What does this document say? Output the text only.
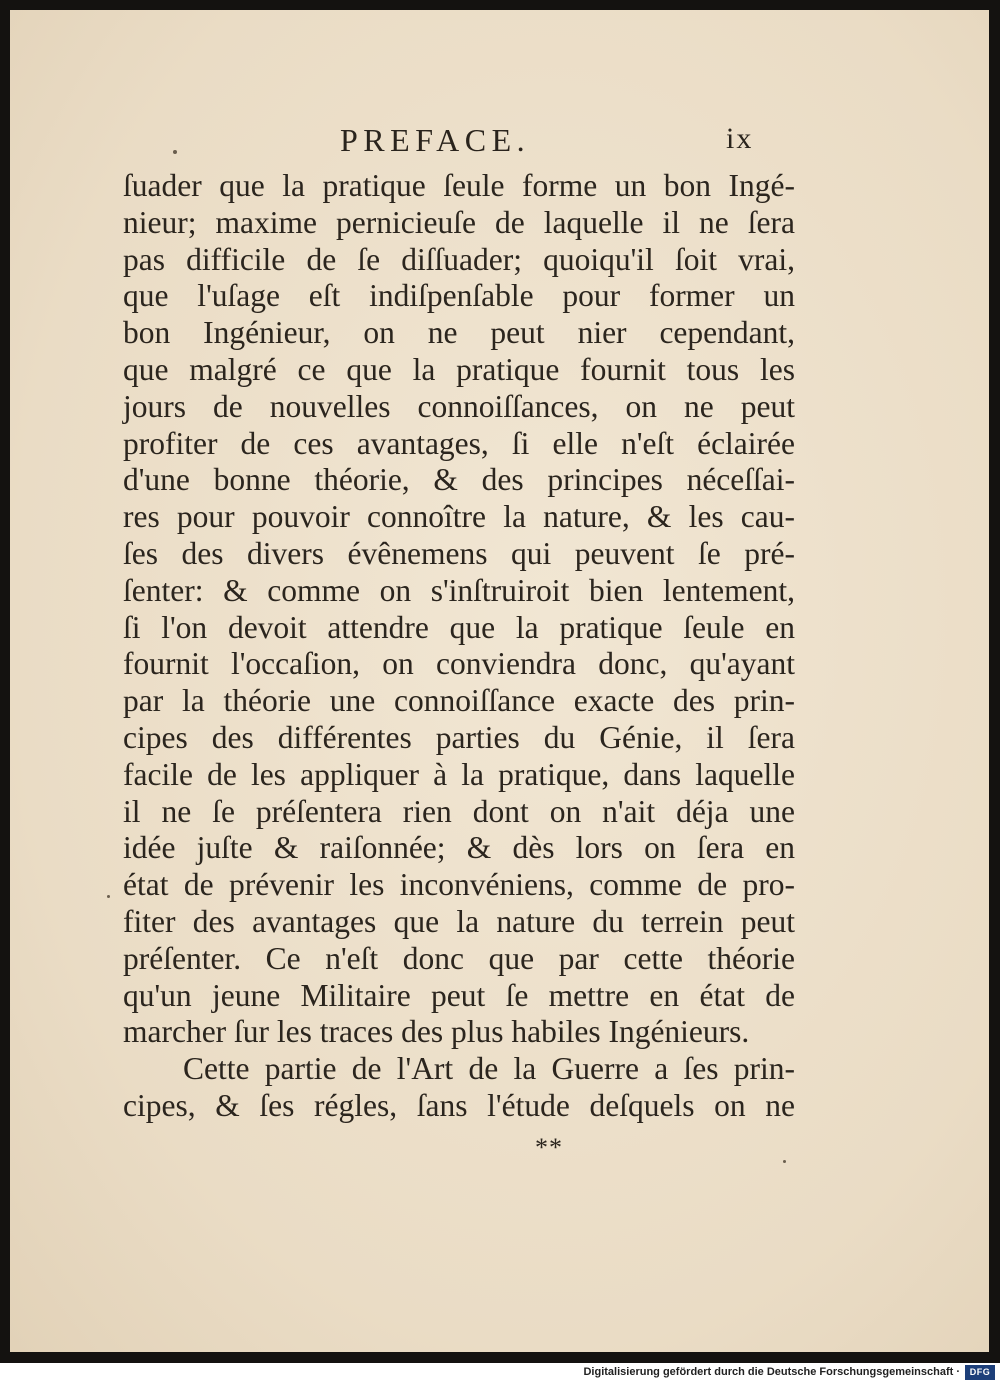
PREFACE.	ix
ſuader que la pratique ſeule forme un bon Ingé-
nieur; maxime pernicieuſe de laquelle il ne ſera
pas difficile de ſe diſſuader; quoiqu'il ſoit vrai,
que l'uſage eſt indiſpenſable pour former un
bon Ingénieur, on ne peut nier cependant,
que malgré ce que la pratique fournit tous les
jours de nouvelles connoiſſances, on ne peut
profiter de ces avantages, ſi elle n'eſt éclairée
d'une bonne théorie, & des principes néceſſai-
res pour pouvoir connoître la nature, & les cau-
ſes des divers évênemens qui peuvent ſe pré-
ſenter: & comme on s'inſtruiroit bien lentement,
ſi l'on devoit attendre que la pratique ſeule en
fournit l'occaſion, on conviendra donc, qu'ayant
par la théorie une connoiſſance exacte des prin-
cipes des différentes parties du Génie, il ſera
facile de les appliquer à la pratique, dans laquelle
il ne ſe préſentera rien dont on n'ait déja une
idée juſte & raiſonnée; & dès lors on ſera en
état de prévenir les inconvéniens, comme de pro-
fiter des avantages que la nature du terrein peut
préſenter. Ce n'eſt donc que par cette théorie
qu'un jeune Militaire peut ſe mettre en état de
marcher ſur les traces des plus habiles Ingénieurs.
Cette partie de l'Art de la Guerre a ſes prin-
cipes, & ſes régles, ſans l'étude deſquels on ne
**
Digitalisierung gefördert durch die Deutsche Forschungsgemeinschaft ·	DFG
